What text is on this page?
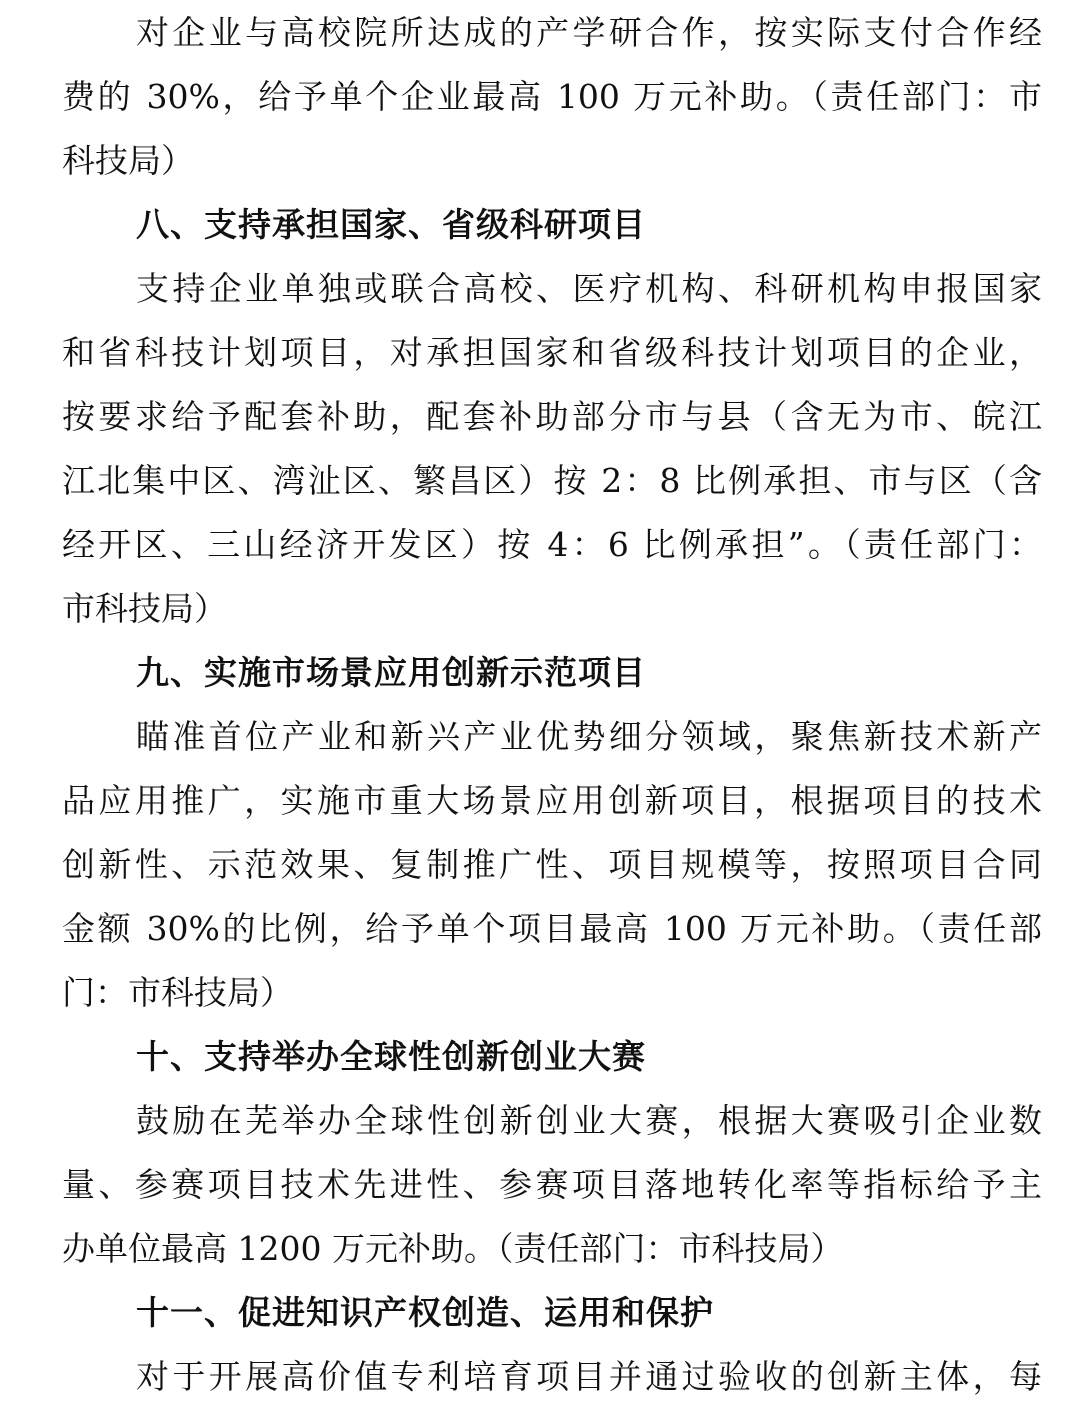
对企业与高校院所达成的产学研合作，按实际支付合作经
费的 30%，给予单个企业最高 100 万元补助。（责任部门：市
科技局）
八、支持承担国家、省级科研项目
支持企业单独或联合高校、医疗机构、科研机构申报国家
和省科技计划项目，对承担国家和省级科技计划项目的企业，
按要求给予配套补助，配套补助部分市与县（含无为市、皖江
江北集中区、湾沚区、繁昌区）按 2：8 比例承担、市与区（含
经开区、三山经济开发区）按 4：6 比例承担”。（责任部门：
市科技局）
九、实施市场景应用创新示范项目
瞄准首位产业和新兴产业优势细分领域，聚焦新技术新产
品应用推广，实施市重大场景应用创新项目，根据项目的技术
创新性、示范效果、复制推广性、项目规模等，按照项目合同
金额 30%的比例，给予单个项目最高 100 万元补助。（责任部
门：市科技局）
十、支持举办全球性创新创业大赛
鼓励在芜举办全球性创新创业大赛，根据大赛吸引企业数
量、参赛项目技术先进性、参赛项目落地转化率等指标给予主
办单位最高 1200 万元补助。（责任部门：市科技局）
十一、促进知识产权创造、运用和保护
对于开展高价值专利培育项目并通过验收的创新主体，每
